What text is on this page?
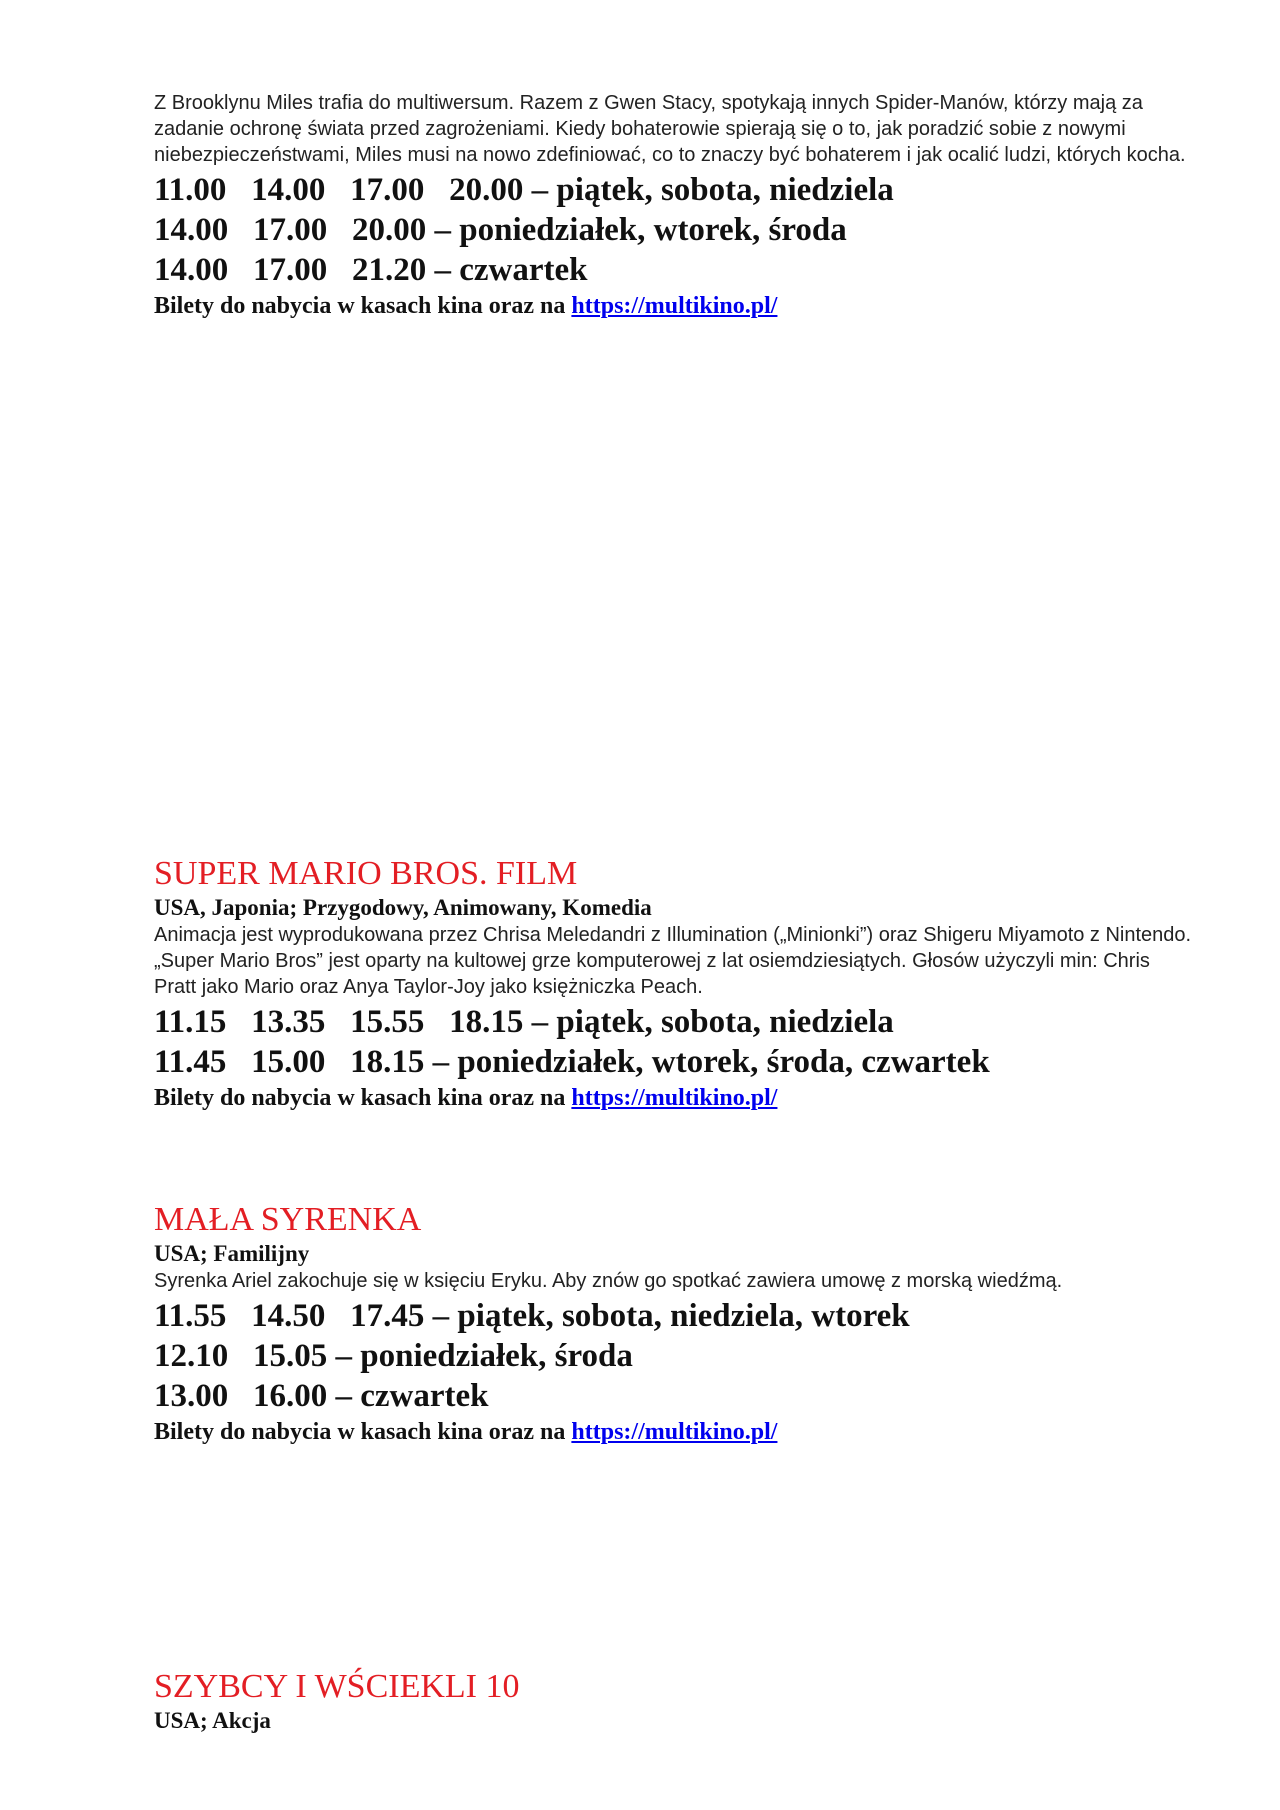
Z Brooklynu Miles trafia do multiwersum. Razem z Gwen Stacy, spotykają innych Spider-Manów, którzy mają za zadanie ochronę świata przed zagrożeniami. Kiedy bohaterowie spierają się o to, jak poradzić sobie z nowymi niebezpieczeństwami, Miles musi na nowo zdefiniować, co to znaczy być bohaterem i jak ocalić ludzi, których kocha.

11.00   14.00   17.00   20.00 – piątek, sobota, niedziela

14.00   17.00   20.00 – poniedziałek, wtorek, środa

14.00   17.00   21.20 – czwartek

Bilety do nabycia w kasach kina oraz na https://multikino.pl/

SUPER MARIO BROS. FILM

USA, Japonia; Przygodowy, Animowany, Komedia

Animacja jest wyprodukowana przez Chrisa Meledandri z Illumination („Minionki”) oraz Shigeru Miyamoto z Nintendo. „Super Mario Bros” jest oparty na kultowej grze komputerowej z lat osiemdziesiątych. Głosów użyczyli min: Chris Pratt jako Mario oraz Anya Taylor-Joy jako księżniczka Peach.

11.15   13.35   15.55   18.15 – piątek, sobota, niedziela

11.45   15.00   18.15 – poniedziałek, wtorek, środa, czwartek

Bilety do nabycia w kasach kina oraz na https://multikino.pl/

MAŁA SYRENKA

USA; Familijny

Syrenka Ariel zakochuje się w księciu Eryku. Aby znów go spotkać zawiera umowę z morską wiedźmą.

11.55   14.50   17.45 – piątek, sobota, niedziela, wtorek

12.10   15.05 – poniedziałek, środa

13.00   16.00 – czwartek

Bilety do nabycia w kasach kina oraz na https://multikino.pl/

SZYBCY I WŚCIEKLI 10

USA; Akcja
